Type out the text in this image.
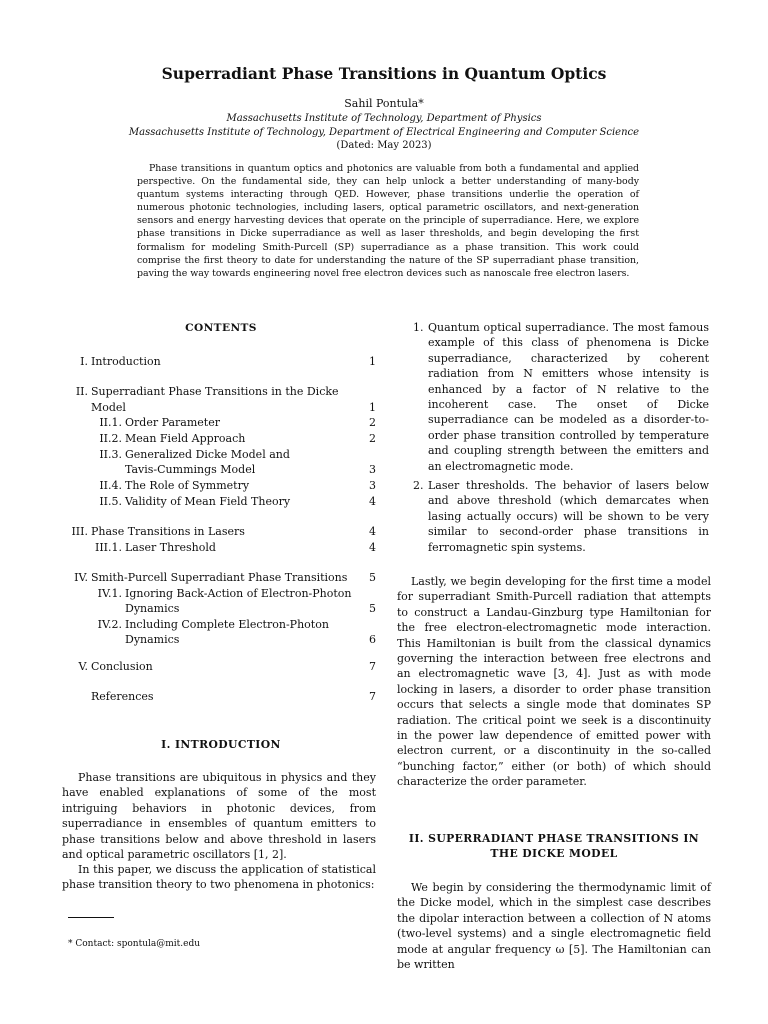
Superradiant Phase Transitions in Quantum Optics
Sahil Pontula*
Massachusetts Institute of Technology, Department of Physics
Massachusetts Institute of Technology, Department of Electrical Engineering and Computer Science
(Dated: May 2023)
Phase transitions in quantum optics and photonics are valuable from both a fundamental and applied perspective. On the fundamental side, they can help unlock a better understanding of many-body quantum systems interacting through QED. However, phase transitions underlie the operation of numerous photonic technologies, including lasers, optical parametric oscillators, and next-generation sensors and energy harvesting devices that operate on the principle of superradiance. Here, we explore phase transitions in Dicke superradiance as well as laser thresholds, and begin developing the first formalism for modeling Smith-Purcell (SP) superradiance as a phase transition. This work could comprise the first theory to date for understanding the nature of the SP superradiant phase transition, paving the way towards engineering novel free electron devices such as nanoscale free electron lasers.
CONTENTS
I. Introduction	1
II. Superradiant Phase Transitions in the Dicke
Model	1
II.1. Order Parameter	2
II.2. Mean Field Approach	2
II.3. Generalized Dicke Model and
Tavis-Cummings Model	3
II.4. The Role of Symmetry	3
II.5. Validity of Mean Field Theory	4
III. Phase Transitions in Lasers	4
III.1. Laser Threshold	4
IV. Smith-Purcell Superradiant Phase Transitions 5
IV.1. Ignoring Back-Action of Electron-Photon
Dynamics	5
IV.2. Including Complete Electron-Photon
Dynamics	6
V. Conclusion	7
References	7
I. INTRODUCTION

Phase transitions are ubiquitous in physics and they have enabled explanations of some of the most intriguing behaviors in photonic devices, from superradiance in ensembles of quantum emitters to phase transitions below and above threshold in lasers and optical parametric oscillators [1, 2].

In this paper, we discuss the application of statistical phase transition theory to two phenomena in photonics:

* Contact: spontula@mit.edu
1. Quantum optical superradiance. The most famous example of this class of phenomena is Dicke superradiance, characterized by coherent radiation from N emitters whose intensity is enhanced by a factor of N relative to the incoherent case. The onset of Dicke superradiance can be modeled as a disorder-to-order phase transition controlled by temperature and coupling strength between the emitters and an electromagnetic mode.
2. Laser thresholds. The behavior of lasers below and above threshold (which demarcates when lasing actually occurs) will be shown to be very similar to second-order phase transitions in ferromagnetic spin systems.

Lastly, we begin developing for the first time a model for superradiant Smith-Purcell radiation that attempts to construct a Landau-Ginzburg type Hamiltonian for the free electron-electromagnetic mode interaction. This Hamiltonian is built from the classical dynamics governing the interaction between free electrons and an electromagnetic wave [3, 4]. Just as with mode locking in lasers, a disorder to order phase transition occurs that selects a single mode that dominates SP radiation. The critical point we seek is a discontinuity in the power law dependence of emitted power with electron current, or a discontinuity in the so-called “bunching factor,” either (or both) of which should characterize the order parameter.

II. SUPERRADIANT PHASE TRANSITIONS IN
THE DICKE MODEL

We begin by considering the thermodynamic limit of the Dicke model, which in the simplest case describes the dipolar interaction between a collection of N atoms (two-level systems) and a single electromagnetic field mode at angular frequency ω [5]. The Hamiltonian can be written
